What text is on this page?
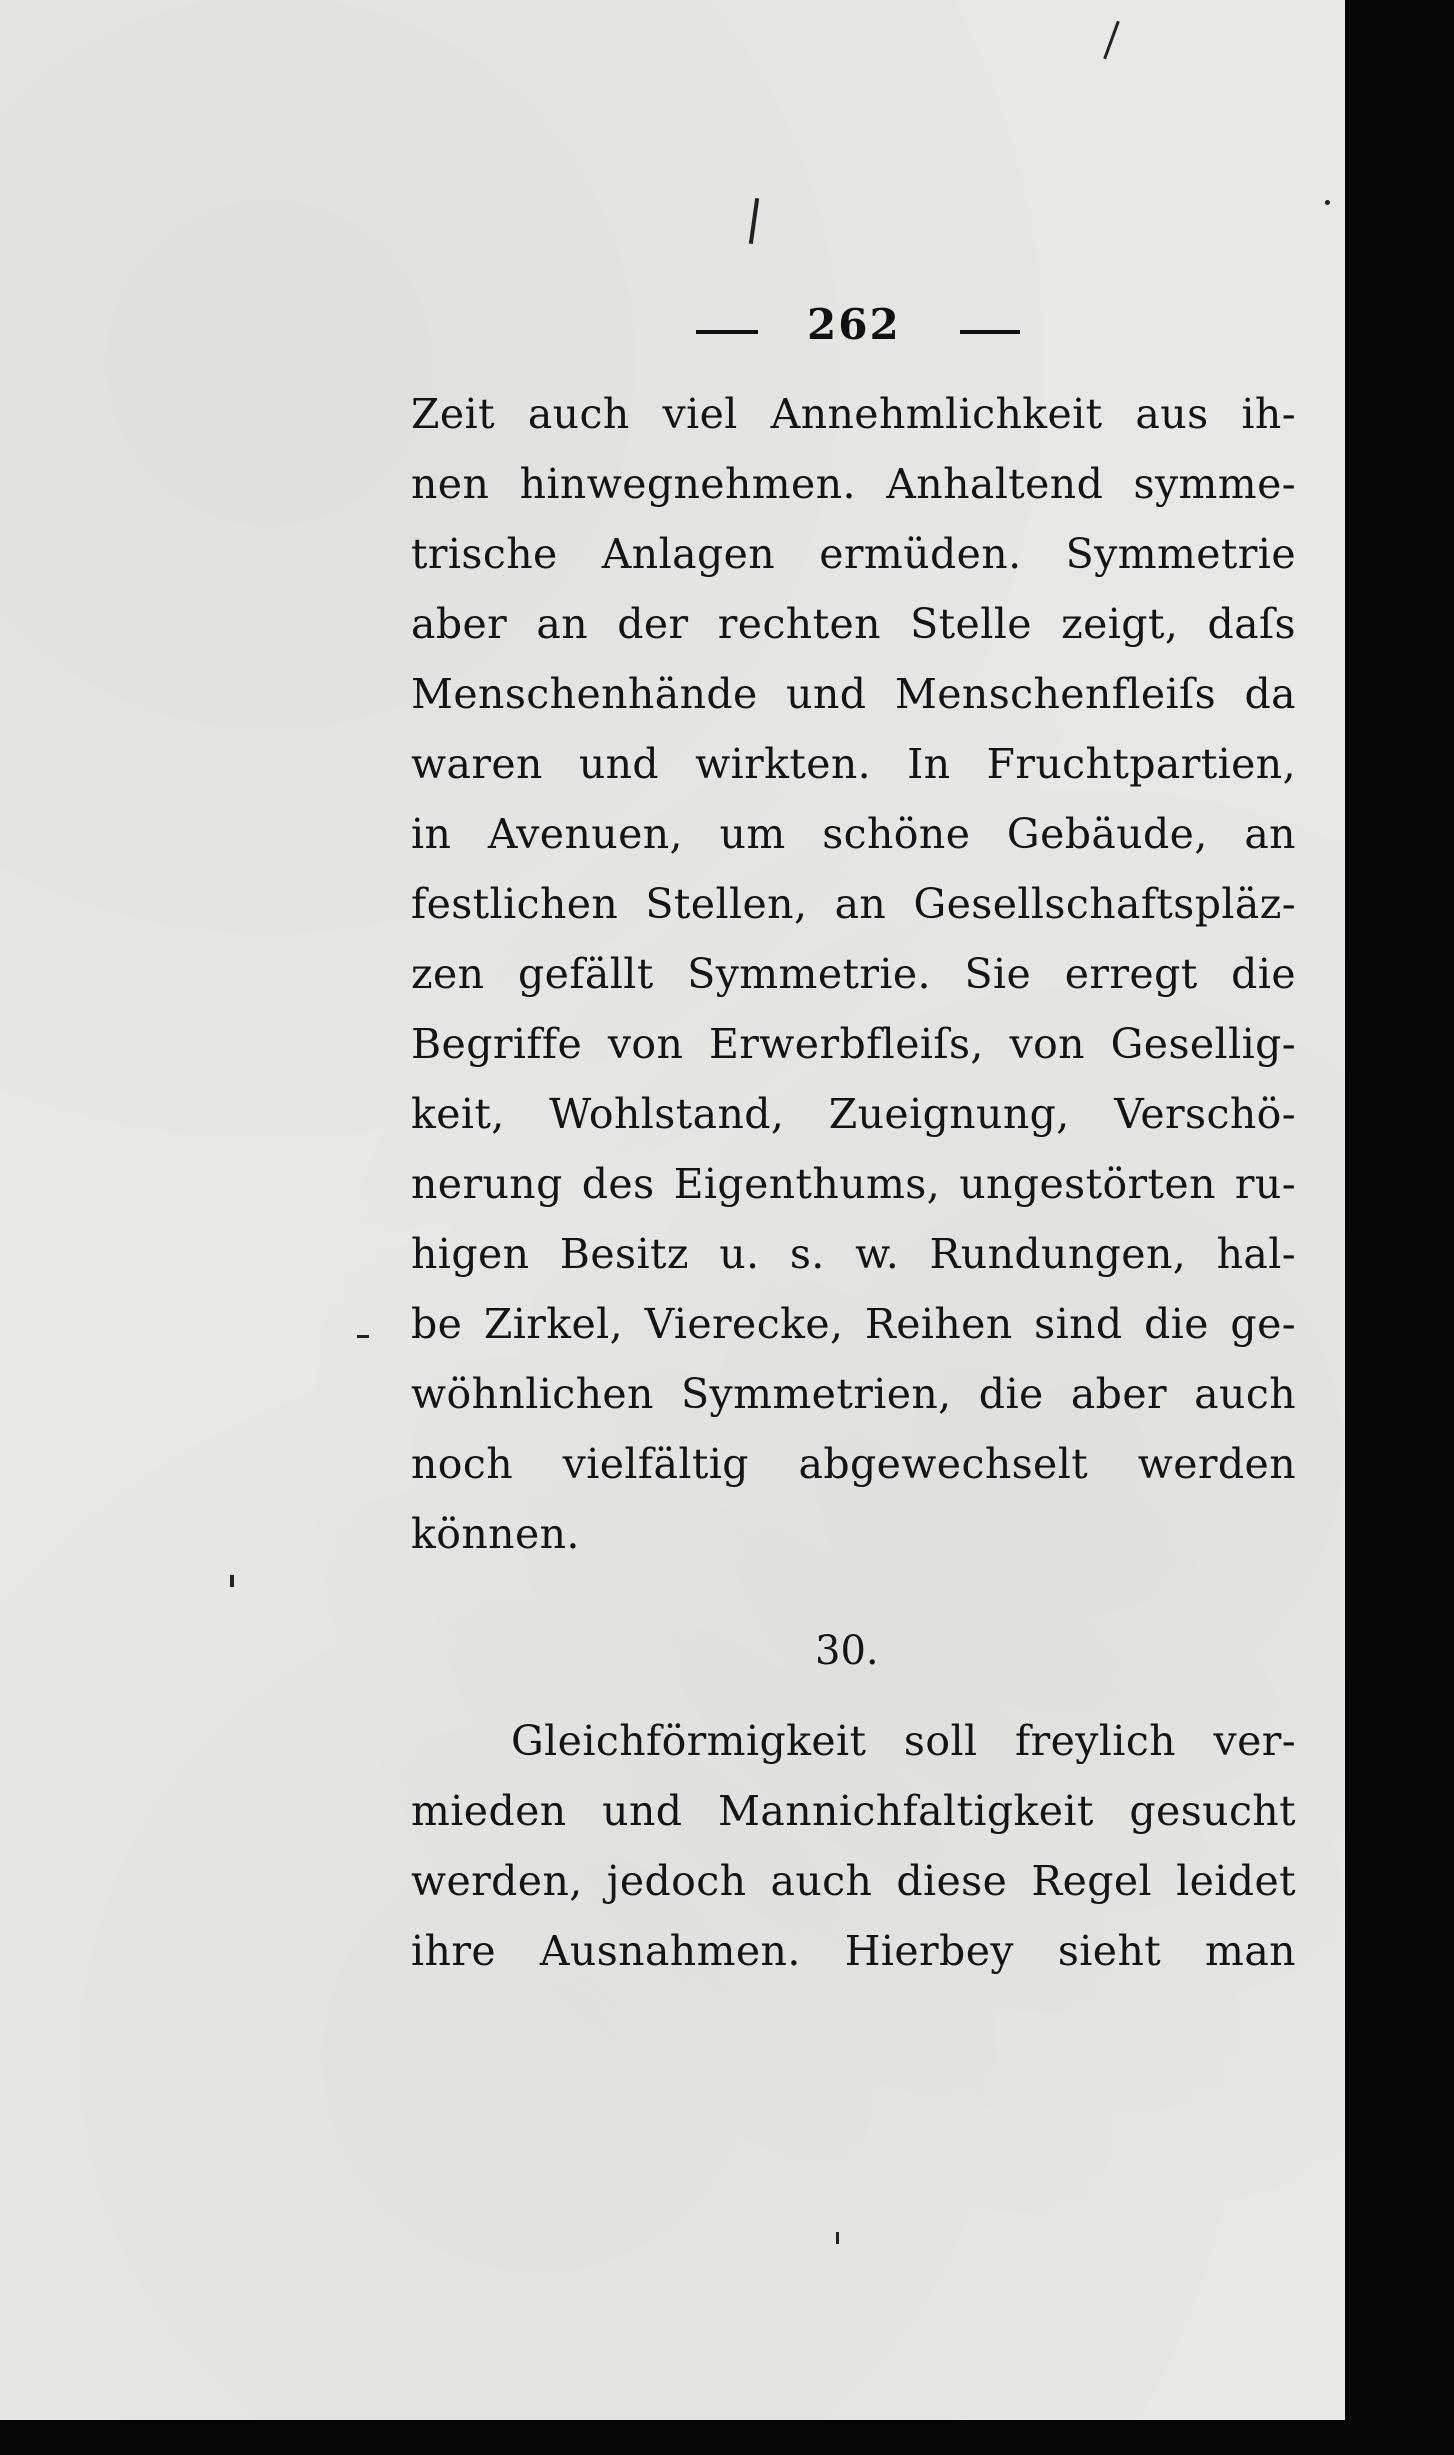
262
Zeit auch viel Annehmlichkeit aus ih-
nen hinwegnehmen. Anhaltend symme-
trische Anlagen ermüden. Symmetrie
aber an der rechten Stelle zeigt, daſs
Menschenhände und Menschenfleiſs da
waren und wirkten. In Fruchtpartien,
in Avenuen, um schöne Gebäude, an
festlichen Stellen, an Gesellschaftspläz-
zen gefällt Symmetrie. Sie erregt die
Begriffe von Erwerbfleiſs, von Gesellig-
keit, Wohlstand, Zueignung, Verschö-
nerung des Eigenthums, ungestörten ru-
higen Besitz u. s. w. Rundungen, hal-
be Zirkel, Vierecke, Reihen sind die ge-
wöhnlichen Symmetrien, die aber auch
noch vielfältig abgewechselt werden
können.
30.
Gleichförmigkeit soll freylich ver-
mieden und Mannichfaltigkeit gesucht
werden, jedoch auch diese Regel leidet
ihre Ausnahmen. Hierbey sieht man
